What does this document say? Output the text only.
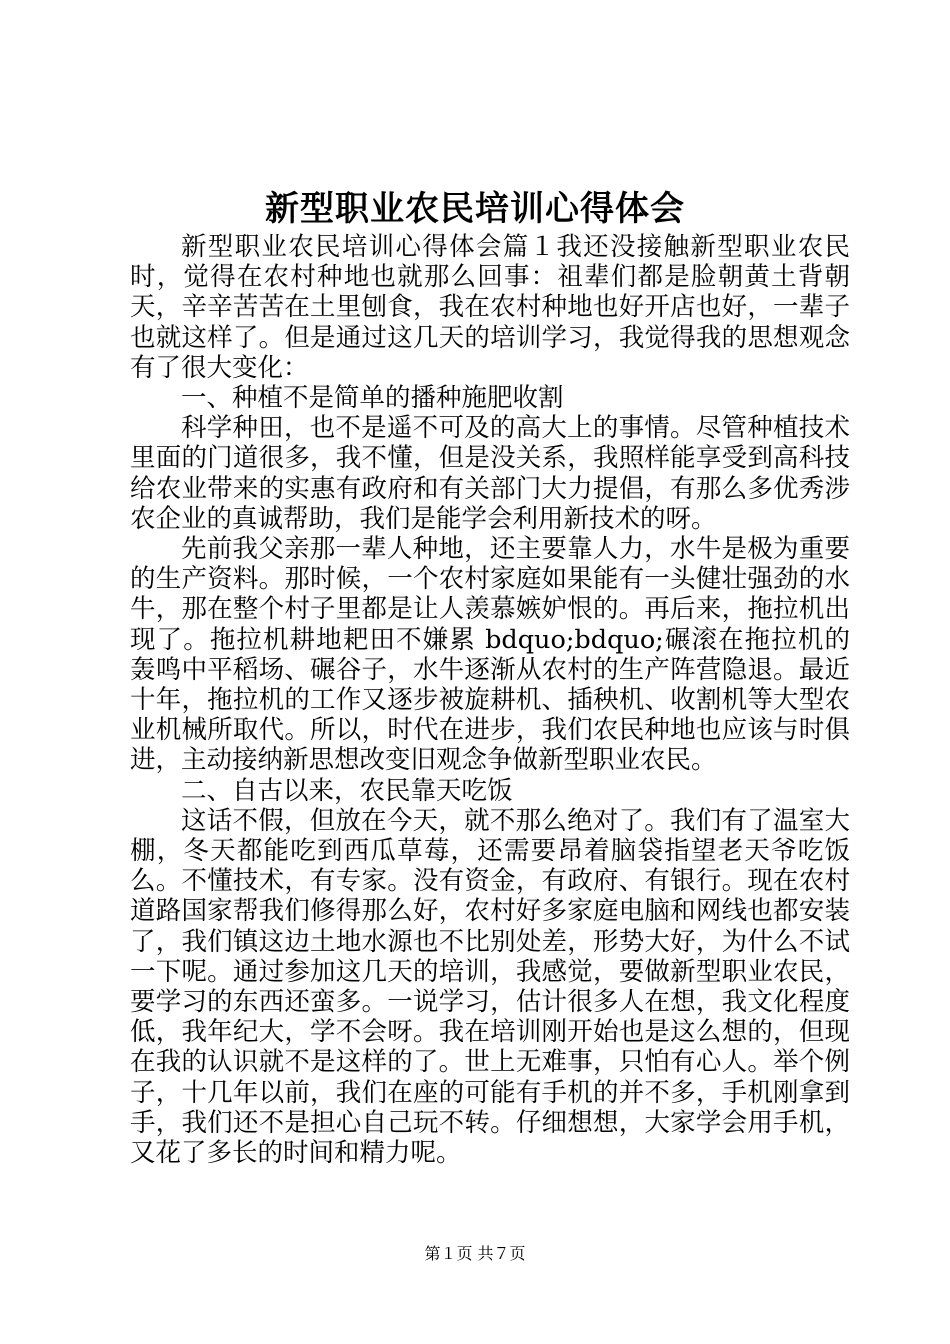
新型职业农民培训心得体会

新型职业农民培训心得体会篇１我还没接触新型职业农民时，觉得在农村种地也就那么回事：祖辈们都是脸朝黄土背朝天，辛辛苦苦在土里刨食，我在农村种地也好开店也好，一辈子也就这样了。但是通过这几天的培训学习，我觉得我的思想观念有了很大变化：

一、种植不是简单的播种施肥收割

科学种田，也不是遥不可及的高大上的事情。尽管种植技术里面的门道很多，我不懂，但是没关系，我照样能享受到高科技给农业带来的实惠有政府和有关部门大力提倡，有那么多优秀涉农企业的真诚帮助，我们是能学会利用新技术的呀。

先前我父亲那一辈人种地，还主要靠人力，水牛是极为重要的生产资料。那时候，一个农村家庭如果能有一头健壮强劲的水牛，那在整个村子里都是让人羡慕嫉妒恨的。再后来，拖拉机出现了。拖拉机耕地耙田不嫌累 bdquo;bdquo;碾滚在拖拉机的轰鸣中平稻场、碾谷子，水牛逐渐从农村的生产阵营隐退。最近十年，拖拉机的工作又逐步被旋耕机、插秧机、收割机等大型农业机械所取代。所以，时代在进步，我们农民种地也应该与时俱进，主动接纳新思想改变旧观念争做新型职业农民。

二、自古以来，农民靠天吃饭

这话不假，但放在今天，就不那么绝对了。我们有了温室大棚，冬天都能吃到西瓜草莓，还需要昂着脑袋指望老天爷吃饭么。不懂技术，有专家。没有资金，有政府、有银行。现在农村道路国家帮我们修得那么好，农村好多家庭电脑和网线也都安装了，我们镇这边土地水源也不比别处差，形势大好，为什么不试一下呢。通过参加这几天的培训，我感觉，要做新型职业农民，要学习的东西还蛮多。一说学习，估计很多人在想，我文化程度低，我年纪大，学不会呀。我在培训刚开始也是这么想的，但现在我的认识就不是这样的了。世上无难事，只怕有心人。举个例子，十几年以前，我们在座的可能有手机的并不多，手机刚拿到手，我们还不是担心自己玩不转。仔细想想，大家学会用手机，又花了多长的时间和精力呢。

第１页 共７页
